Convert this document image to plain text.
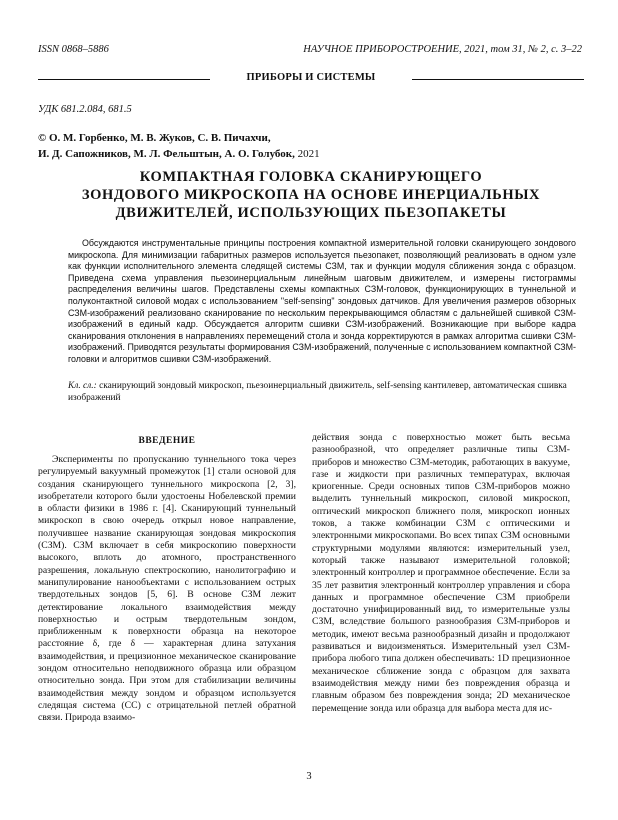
ISSN 0868–5886	НАУЧНОЕ ПРИБОРОСТРОЕНИЕ, 2021, том 31, № 2, с. 3–22
ПРИБОРЫ И СИСТЕМЫ
УДК 681.2.084, 681.5
© О. М. Горбенко, М. В. Жуков, С. В. Пичахчи,
И. Д. Сапожников, М. Л. Фельштын, А. О. Голубок, 2021
КОМПАКТНАЯ ГОЛОВКА СКАНИРУЮЩЕГО
ЗОНДОВОГО МИКРОСКОПА НА ОСНОВЕ ИНЕРЦИАЛЬНЫХ
ДВИЖИТЕЛЕЙ, ИСПОЛЬЗУЮЩИХ ПЬЕЗОПАКЕТЫ
Обсуждаются инструментальные принципы построения компактной измерительной головки сканирующего зондового микроскопа. Для минимизации габаритных размеров используется пьезопакет, позволяющий реализовать в одном узле как функции исполнительного элемента следящей системы СЗМ, так и функции модуля сближения зонда с образцом. Приведена схема управления пьезоинерциальным линейным шаговым движителем, и измерены гистограммы распределения величины шагов. Представлены схемы компактных СЗМ-головок, функционирующих в туннельной и полуконтактной силовой модах с использованием "self-sensing" зондовых датчиков. Для увеличения размеров обзорных СЗМ-изображений реализовано сканирование по нескольким перекрывающимся областям с дальнейшей сшивкой СЗМ-изображений в единый кадр. Обсуждается алгоритм сшивки СЗМ-изображений. Возникающие при выборе кадра сканирования отклонения в направлениях перемещений стола и зонда корректируются в рамках алгоритма сшивки СЗМ-изображений. Приводятся результаты формирования СЗМ-изображений, полученные с использованием компактной СЗМ-головки и алгоритмов сшивки СЗМ-изображений.
Кл. сл.: сканирующий зондовый микроскоп, пьезоинерциальный движитель, self-sensing кантилевер, автоматическая сшивка изображений
ВВЕДЕНИЕ
Эксперименты по пропусканию туннельного тока через регулируемый вакуумный промежуток [1] стали основой для создания сканирующего туннельного микроскопа [2, 3], изобретатели которого были удостоены Нобелевской премии в области физики в 1986 г. [4]. Сканирующий туннельный микроскоп в свою очередь открыл новое направление, получившее название сканирующая зондовая микроскопия (СЗМ). СЗМ включает в себя микроскопию поверхности высокого, вплоть до атомного, пространственного разрешения, локальную спектроскопию, нанолитографию и манипулирование нанообъектами с использованием острых твердотельных зондов [5, 6]. В основе СЗМ лежит детектирование локального взаимодействия между поверхностью и острым твердотельным зондом, приближенным к поверхности образца на некоторое расстояние δ, где δ — характерная длина затухания взаимодействия, и прецизионное механическое сканирование зондом относительно неподвижного образца или образцом относительно зонда. При этом для стабилизации величины взаимодействия между зондом и образцом используется следящая система (СС) с отрицательной петлей обратной связи. Природа взаимо-
действия зонда с поверхностью может быть весьма разнообразной, что определяет различные типы СЗМ-приборов и множество СЗМ-методик, работающих в вакууме, газе и жидкости при различных температурах, включая криогенные. Среди основных типов СЗМ-приборов можно выделить туннельный микроскоп, силовой микроскоп, оптический микроскоп ближнего поля, микроскоп ионных токов, а также комбинации СЗМ с оптическими и электронными микроскопами. Во всех типах СЗМ основными структурными модулями являются: измерительный узел, который также называют измерительной головкой; электронный контроллер и программное обеспечение. Если за 35 лет развития электронный контроллер управления и сбора данных и программное обеспечение СЗМ приобрели достаточно унифицированный вид, то измерительные узлы СЗМ, вследствие большого разнообразия СЗМ-приборов и методик, имеют весьма разнообразный дизайн и продолжают развиваться и видоизменяться. Измерительный узел СЗМ-прибора любого типа должен обеспечивать: 1D прецизионное механическое сближение зонда с образцом для захвата взаимодействия между ними без повреждения образца и главным образом без повреждения зонда; 2D механическое перемещение зонда или образца для выбора места для ис-
3
